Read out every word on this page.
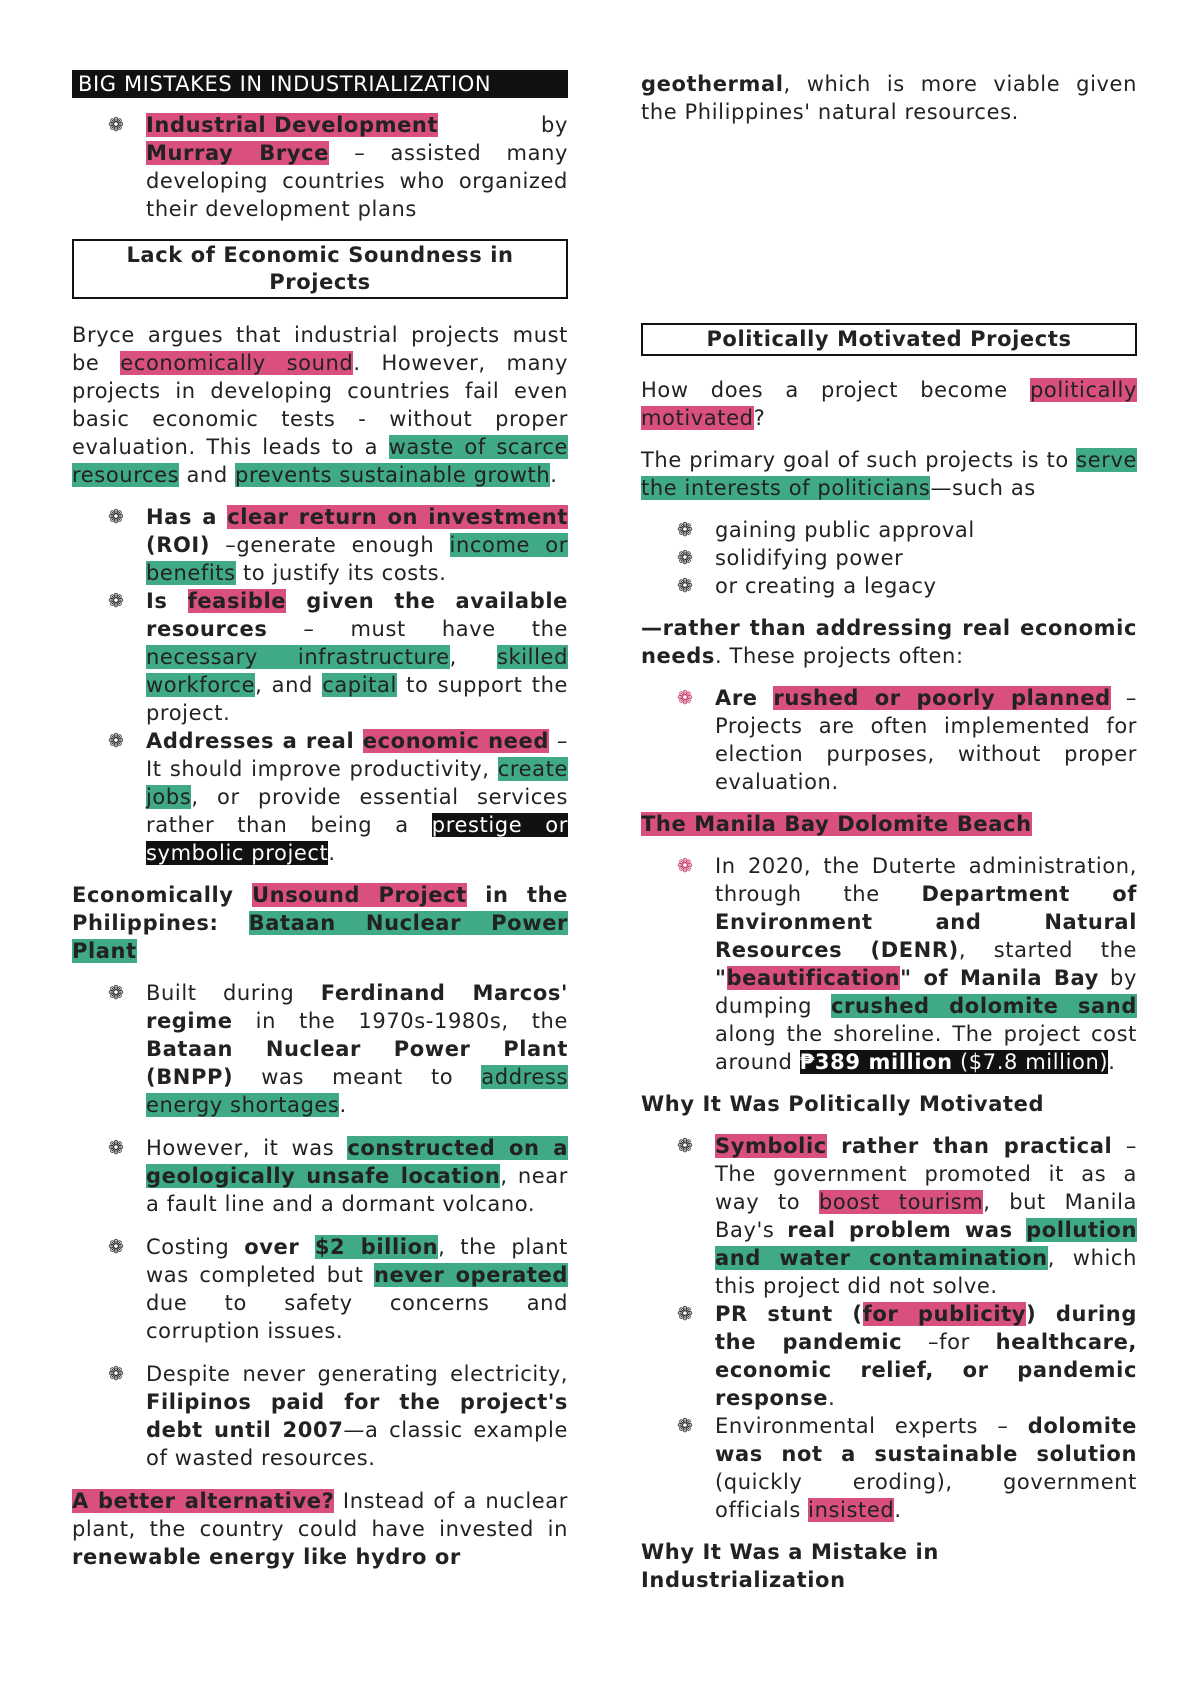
BIG MISTAKES IN INDUSTRIALIZATION
❁ Industrial Development	by

Murray Bryce – assisted many developing countries who organized their development plans
Lack of Economic Soundness in Projects

Bryce argues that industrial projects must be economically sound. However, many projects in developing countries fail even basic economic tests - without proper evaluation. This leads to a waste of scarce resources and prevents sustainable growth.

❁ Has a clear return on investment (ROI) –generate enough income or benefits to justify its costs.
❁ Is feasible given the available resources – must have the necessary infrastructure, skilled workforce, and capital to support the project.
❁ Addresses a real economic need – It should improve productivity, create jobs, or provide essential services rather than being a prestige or symbolic project.

Economically Unsound Project in the Philippines: Bataan Nuclear Power Plant

❁ Built during Ferdinand Marcos' regime in the 1970s-1980s, the Bataan Nuclear Power Plant (BNPP) was meant to address energy shortages.
❁ However, it was constructed on a geologically unsafe location, near a fault line and a dormant volcano.
❁ Costing over $2 billion, the plant was completed but never operated due to safety concerns and corruption issues.
❁ Despite never generating electricity, Filipinos paid for the project's debt until 2007—a classic example of wasted resources.

A better alternative? Instead of a nuclear plant, the country could have invested in renewable energy like hydro or

geothermal, which is more viable given the Philippines' natural resources.

Politically Motivated Projects

How does a project become politically motivated?

The primary goal of such projects is to serve the interests of politicians—such as

❁ gaining public approval
❁ solidifying power
❁ or creating a legacy

—rather than addressing real economic needs. These projects often:

❁ Are rushed or poorly planned – Projects are often implemented for election purposes, without proper evaluation.

The Manila Bay Dolomite Beach

❁ In 2020, the Duterte administration, through the Department of Environment and Natural Resources (DENR), started the "beautification" of Manila Bay by dumping crushed dolomite sand along the shoreline. The project cost around ₱389 million ($7.8 million).

Why It Was Politically Motivated

❁ Symbolic rather than practical – The government promoted it as a way to boost tourism, but Manila Bay's real problem was pollution and water contamination, which this project did not solve.
❁ PR stunt (for publicity) during the pandemic –for healthcare, economic relief, or pandemic response.
❁ Environmental experts – dolomite was not a sustainable solution (quickly eroding), government officials insisted.

Why It Was a Mistake in Industrialization
